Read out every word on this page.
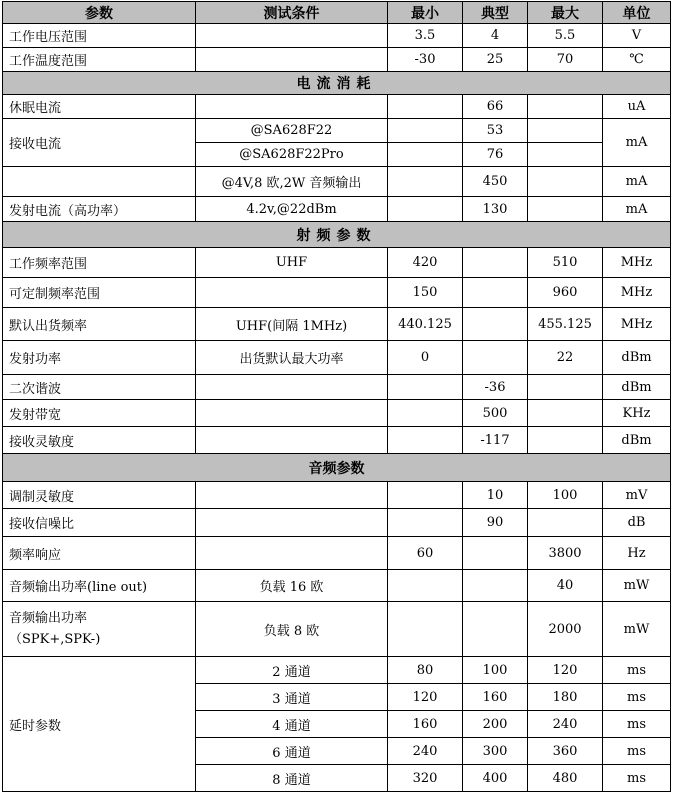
参数	测试条件	最小	典型	最大	单位
工作电压范围		3.5	4	5.5	V
工作温度范围		-30	25	70	℃
电流消耗					
休眠电流			66		uA
接收电流	@SA628F22		53		mA
	@SA628F22Pro		76		
	@4V,8 欧,2W 音频输出		450		mA
发射电流（高功率）	4.2v,@22dBm		130		mA
射频参数					
工作频率范围	UHF	420		510	MHz
可定制频率范围		150		960	MHz
默认出货频率	UHF(间隔 1MHz)	440.125		455.125	MHz
发射功率	出货默认最大功率	0		22	dBm
二次谐波			-36		dBm
发射带宽			500		KHz
接收灵敏度			-117		dBm
音频参数					
调制灵敏度			10	100	mV
接收信噪比			90		dB
频率响应		60		3800	Hz
音频输出功率(line out)	负载 16 欧			40	mW
音频输出功率
（SPK+,SPK-)	负载 8 欧			2000	mW
延时参数	2 通道	80	100	120	ms
	3 通道	120	160	180	ms
	4 通道	160	200	240	ms
	6 通道	240	300	360	ms
	8 通道	320	400	480	ms
